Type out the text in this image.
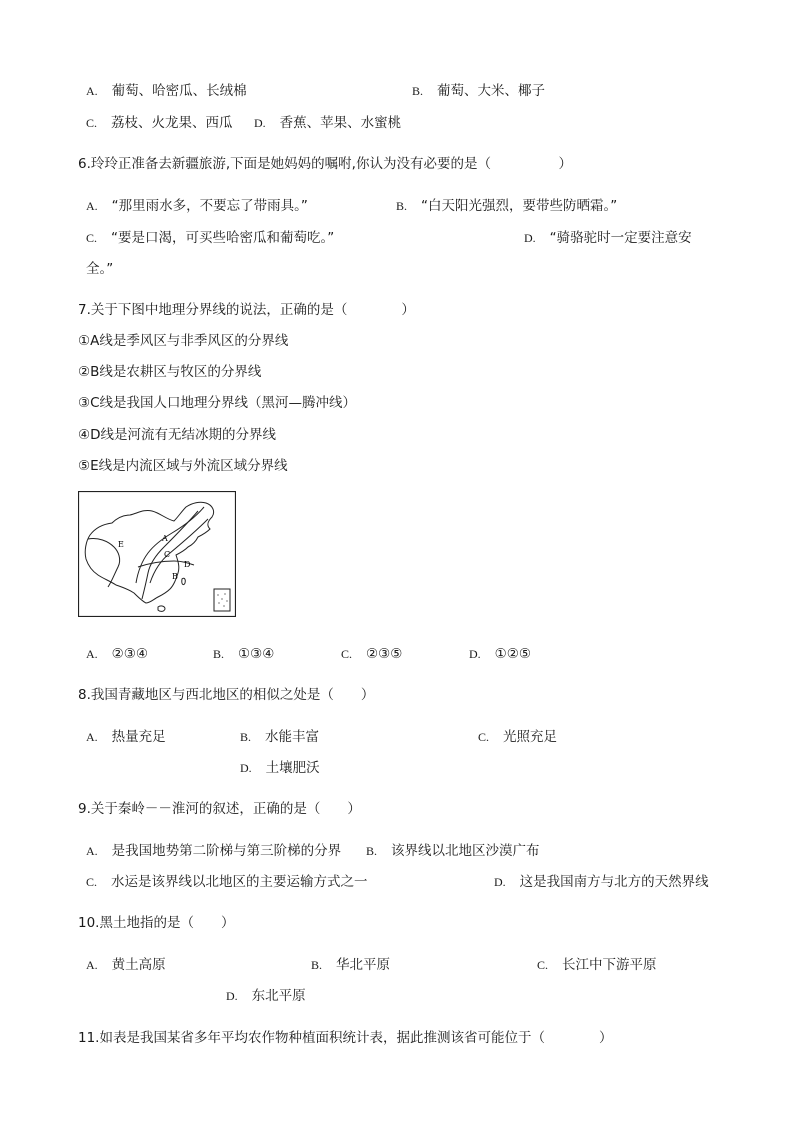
A. 葡萄、哈密瓜、长绒棉	B. 葡萄、大米、椰子
C. 荔枝、火龙果、西瓜 D. 香蕉、苹果、水蜜桃
6.玲玲正准备去新疆旅游,下面是她妈妈的嘱咐,你认为没有必要的是（　　　　　）
A. “那里雨水多，不要忘了带雨具。”	B. “白天阳光强烈，要带些防晒霜。”
C. “要是口渴，可买些哈密瓜和葡萄吃。”	D. “骑骆驼时一定要注意安
全。”
7.关于下图中地理分界线的说法，正确的是（　　　　）
①A线是季风区与非季风区的分界线
②B线是农耕区与牧区的分界线
③C线是我国人口地理分界线（黑河—腾冲线）
④D线是河流有无结冰期的分界线
⑤E线是内流区域与外流区域分界线
A
B
C
D
E
A. ②③④	B. ①③④	C. ②③⑤	D. ①②⑤
8.我国青藏地区与西北地区的相似之处是（　　）
A. 热量充足	B. 水能丰富	C. 光照充足
D. 土壤肥沃
9.关于秦岭－－淮河的叙述，正确的是（　　）
A. 是我国地势第二阶梯与第三阶梯的分界 B. 该界线以北地区沙漠广布
C. 水运是该界线以北地区的主要运输方式之一	D. 这是我国南方与北方的天然界线
10.黑土地指的是（　　）
A. 黄土高原	B. 华北平原	C. 长江中下游平原
D. 东北平原
11.如表是我国某省多年平均农作物种植面积统计表，据此推测该省可能位于（　　　　）
